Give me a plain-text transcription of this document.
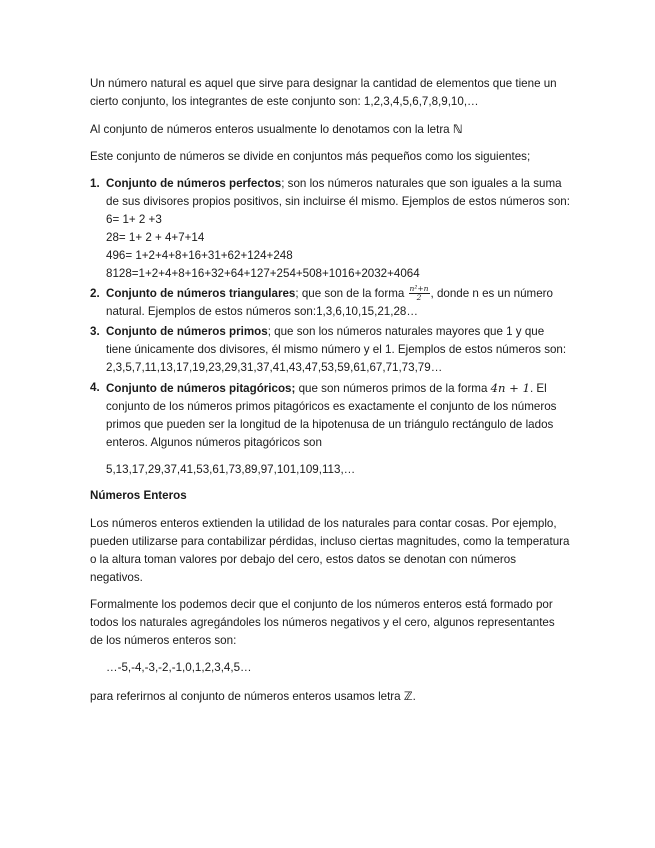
Un número natural es aquel que sirve para designar la cantidad de elementos que tiene un cierto conjunto, los integrantes de este conjunto son: 1,2,3,4,5,6,7,8,9,10,…

Al conjunto de números enteros usualmente lo denotamos con la letra ℕ

Este conjunto de números se divide en conjuntos más pequeños como los siguientes;

1. Conjunto de números perfectos; son los números naturales que son iguales a la suma de sus divisores propios positivos, sin incluirse él mismo. Ejemplos de estos números son:
6= 1+ 2 +3
28= 1+ 2 + 4+7+14
496= 1+2+4+8+16+31+62+124+248
8128=1+2+4+8+16+32+64+127+254+508+1016+2032+4064
2. Conjunto de números triangulares; que son de la forma $\frac{\text{n²+n}}{2}$ , donde n es un número natural. Ejemplos de estos números son:1,3,6,10,15,21,28…
3. Conjunto de números primos; que son los números naturales mayores que 1 y que tiene únicamente dos divisores, él mismo número y el 1. Ejemplos de estos números son: 2,3,5,7,11,13,17,19,23,29,31,37,41,43,47,53,59,61,67,71,73,79…
4. Conjunto de números pitagóricos; que son números primos de la forma 4n + 1. El conjunto de los números primos pitagóricos es exactamente el conjunto de los números primos que pueden ser la longitud de la hipotenusa de un triángulo rectángulo de lados enteros. Algunos números pitagóricos son
5,13,17,29,37,41,53,61,73,89,97,101,109,113,…

Números Enteros

Los números enteros extienden la utilidad de los naturales para contar cosas. Por ejemplo, pueden utilizarse para contabilizar pérdidas, incluso ciertas magnitudes, como la temperatura o la altura toman valores por debajo del cero, estos datos se denotan con números negativos.

Formalmente los podemos decir que el conjunto de los números enteros está formado por todos los naturales agregándoles los números negativos y el cero, algunos representantes de los números enteros son:

…-5,-4,-3,-2,-1,0,1,2,3,4,5…

para referirnos al conjunto de números enteros usamos letra ℤ.
